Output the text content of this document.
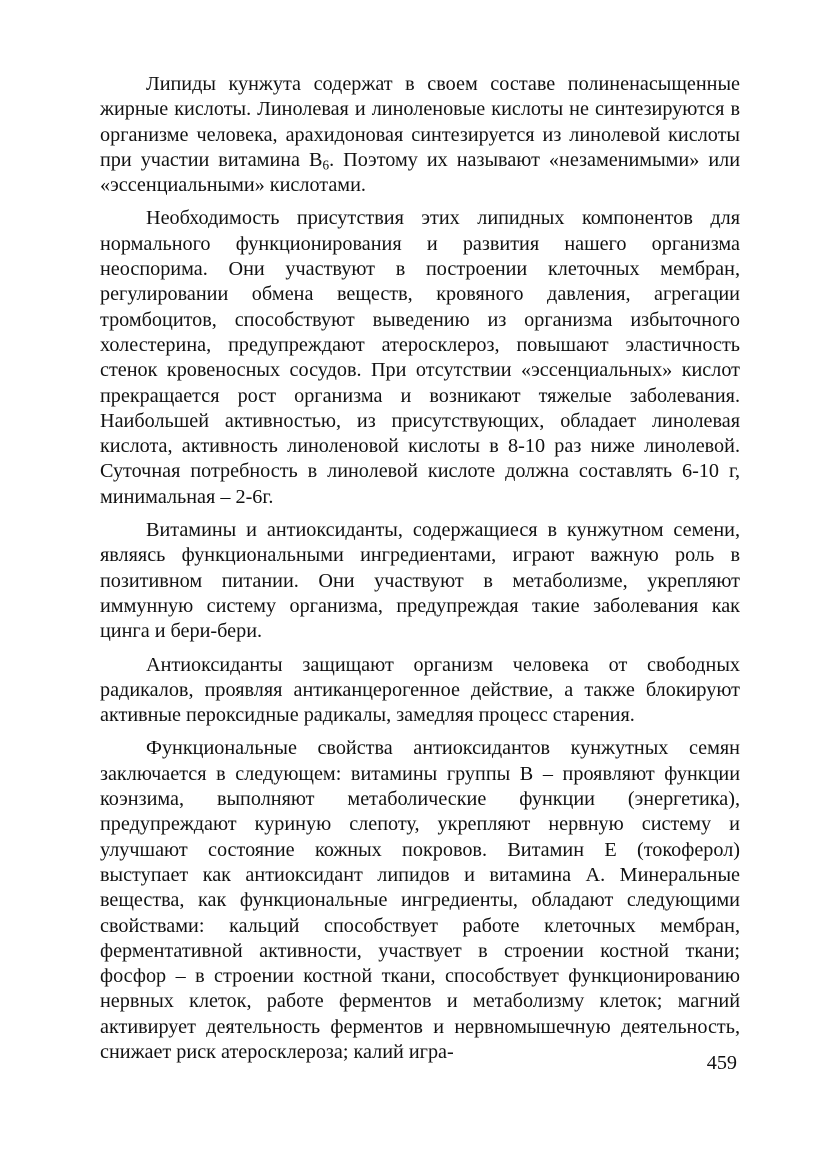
Липиды кунжута содержат в своем составе полиненасыщенные жирные кислоты. Линолевая и линоленовые кислоты не синтезируются в организме человека, арахидоновая синтезируется из линолевой кислоты при участии витамина $В_6$. Поэтому их называют «незаменимыми» или «эссенциальными» кислотами.

Необходимость присутствия этих липидных компонентов для нормального функционирования и развития нашего организма неоспорима. Они участвуют в построении клеточных мембран, регулировании обмена веществ, кровяного давления, агрегации тромбоцитов, способствуют выведению из организма избыточного холестерина, предупреждают атеросклероз, повышают эластичность стенок кровеносных сосудов. При отсутствии «эссенциальных» кислот прекращается рост организма и возникают тяжелые заболевания. Наибольшей активностью, из присутствующих, обладает линолевая кислота, активность линоленовой кислоты в 8-10 раз ниже линолевой. Суточная потребность в линолевой кислоте должна составлять 6-10 г, минимальная – 2-6г.

Витамины и антиоксиданты, содержащиеся в кунжутном семени, являясь функциональными ингредиентами, играют важную роль в позитивном питании. Они участвуют в метаболизме, укрепляют иммунную систему организма, предупреждая такие заболевания как цинга и бери-бери.

Антиоксиданты защищают организм человека от свободных радикалов, проявляя антиканцерогенное действие, а также блокируют активные пероксидные радикалы, замедляя процесс старения.

Функциональные свойства антиоксидантов кунжутных семян заключается в следующем: витамины группы В – проявляют функции коэнзима, выполняют метаболические функции (энергетика), предупреждают куриную слепоту, укрепляют нервную систему и улучшают состояние кожных покровов. Витамин Е (токоферол) выступает как антиоксидант липидов и витамина А. Минеральные вещества, как функциональные ингредиенты, обладают следующими свойствами: кальций способствует работе клеточных мембран, ферментативной активности, участвует в строении костной ткани; фосфор – в строении костной ткани, способствует функционированию нервных клеток, работе ферментов и метаболизму клеток; магний активирует деятельность ферментов и нервномышечную деятельность, снижает риск атеросклероза; калий игра-

459
